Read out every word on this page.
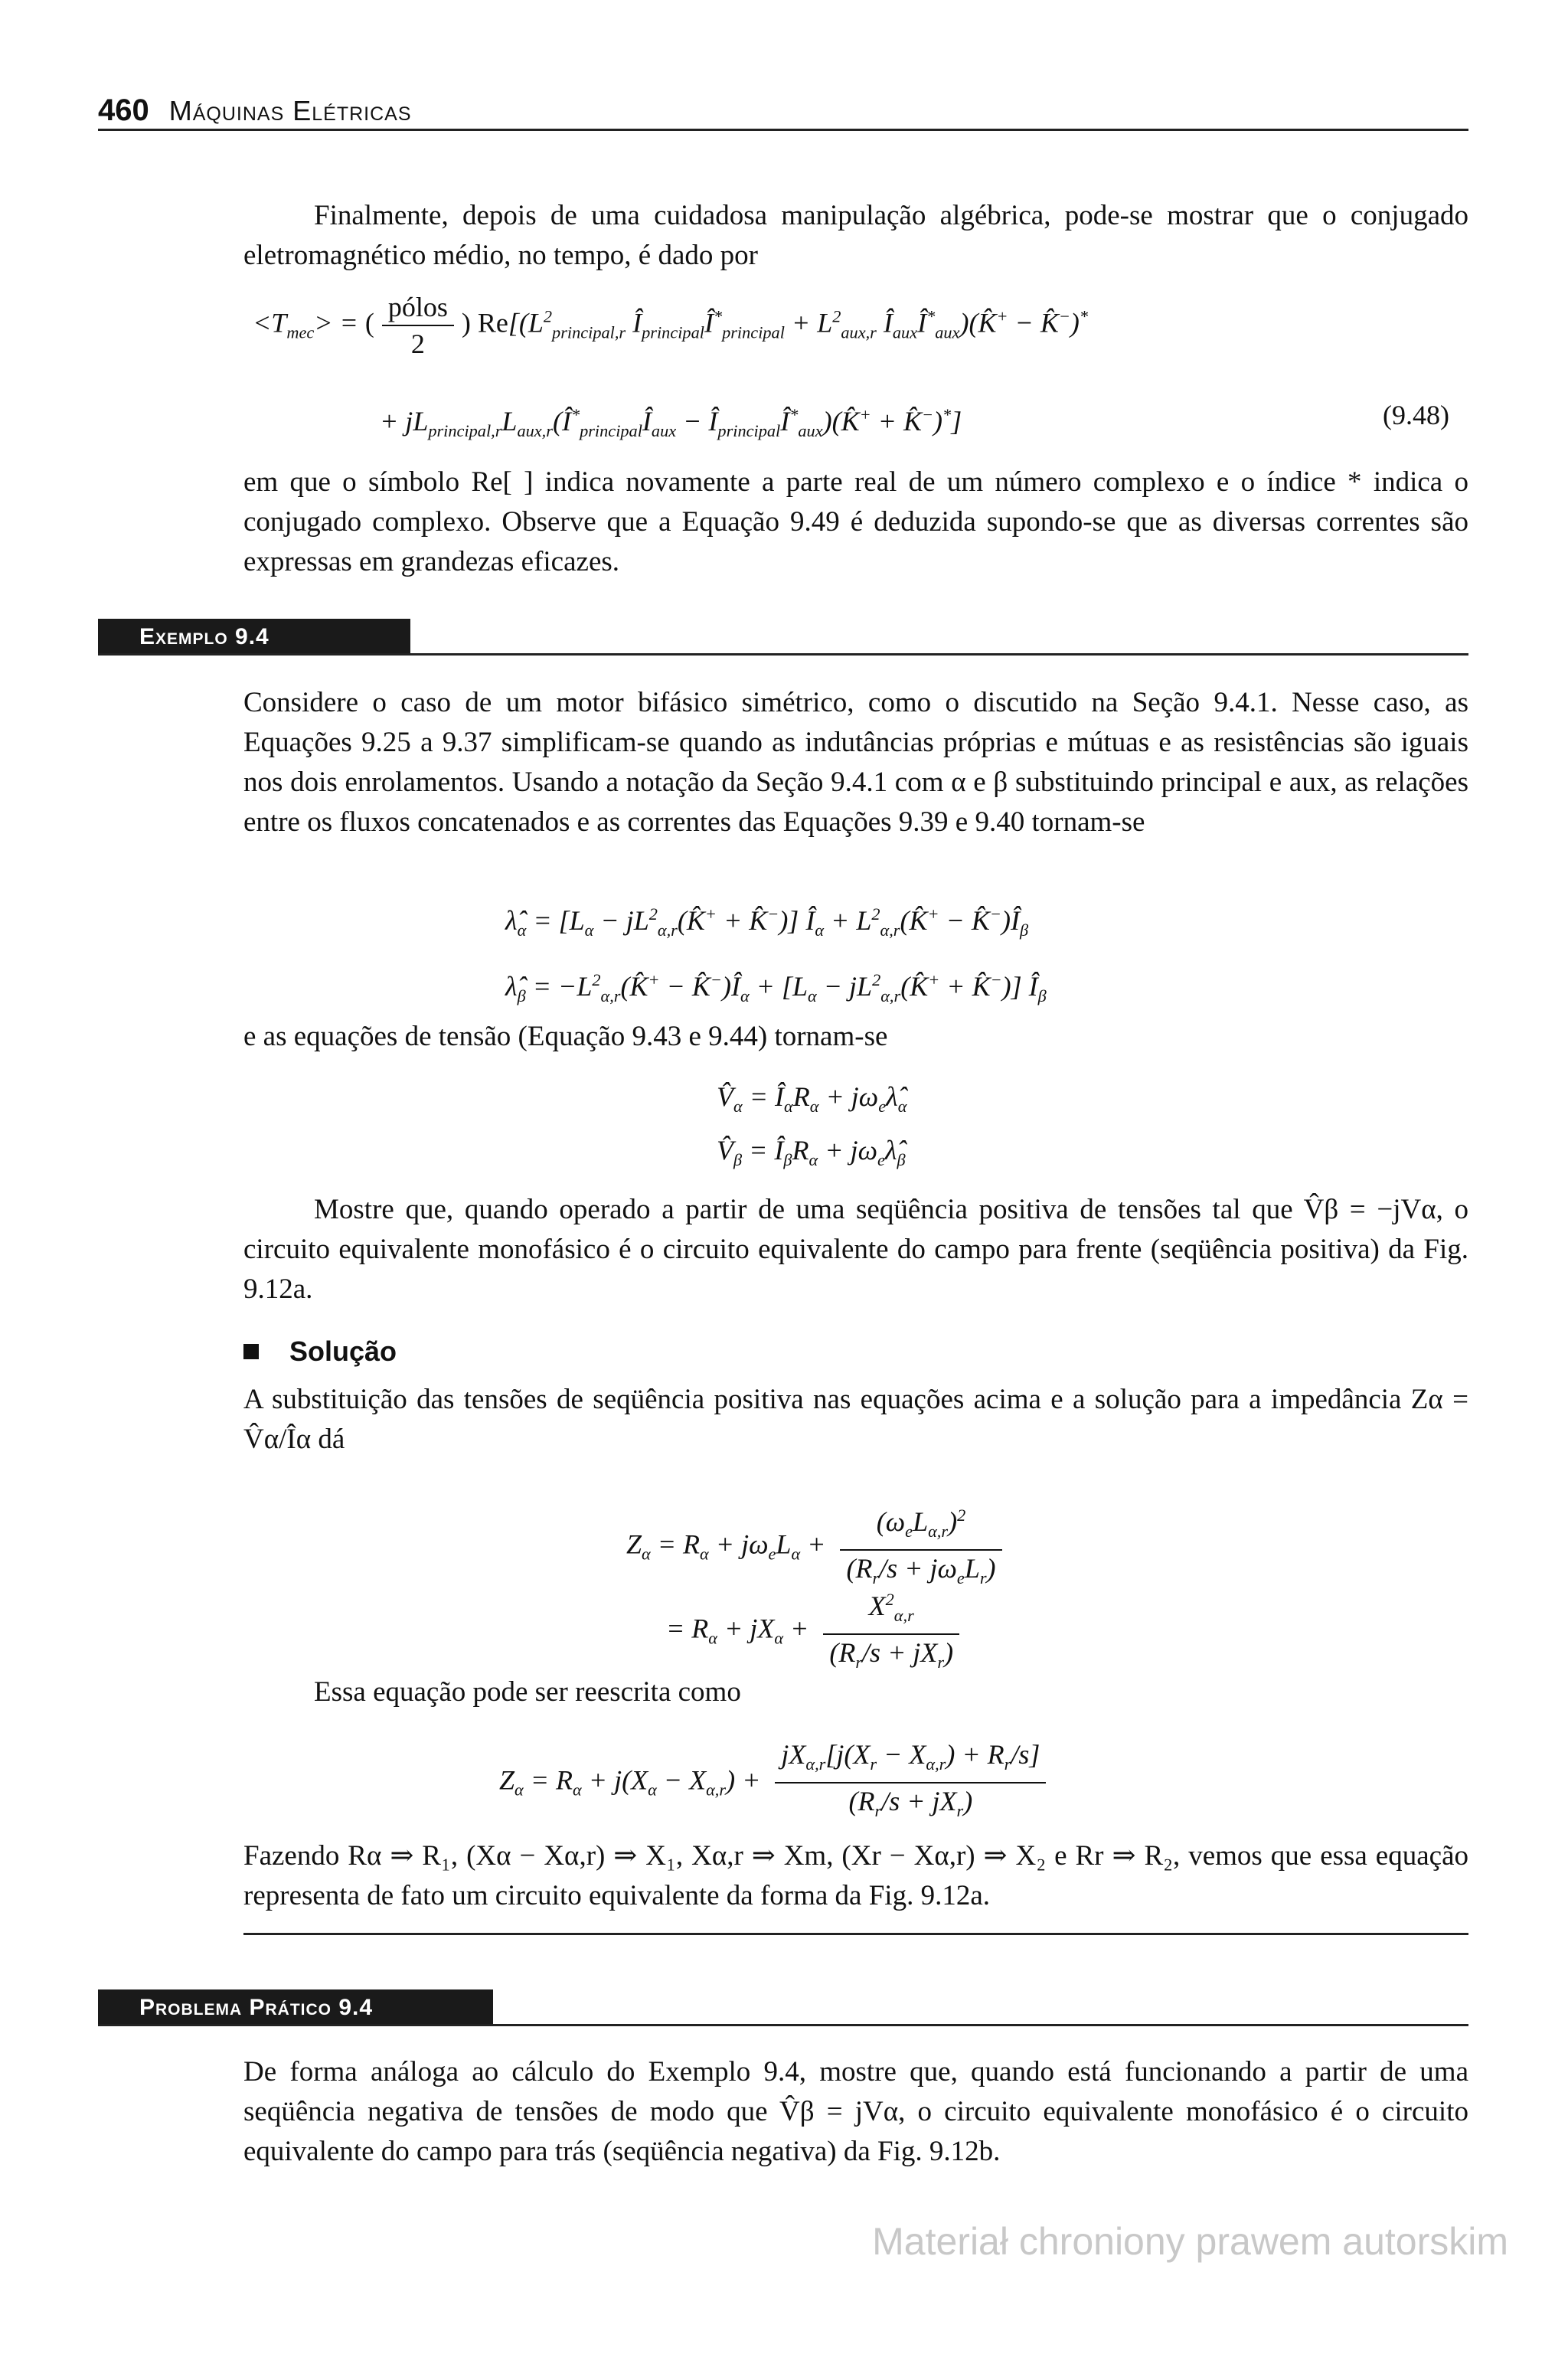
460 Máquinas Elétricas
Finalmente, depois de uma cuidadosa manipulação algébrica, pode-se mostrar que o conjugado eletromagnético médio, no tempo, é dado por
$<T_{mec}>$ = ( $\frac{\text{pólos}}{2}$ ) $Re[(L^2_{principal,r}$ $Î_{principal}Î^*_{principal} + L^2_{aux,r}$ $Î_{aux}Î^*_{aux})(K̂^+$ − K̂−)*
+ $jL_{principal,r}L_{aux,r}(Î^*_{principal}Î_{aux}$ − $Î_{principal}Î^*_{aux})(K̂^+$ + K̂−)*]	(9.48)
em que o símbolo Re[ ] indica novamente a parte real de um número complexo e o índice * indica o conjugado complexo. Observe que a Equação 9.49 é deduzida supondo-se que as diversas correntes são expressas em grandezas eficazes.
Exemplo 9.4
Considere o caso de um motor bifásico simétrico, como o discutido na Seção 9.4.1. Nesse caso, as Equações 9.25 a 9.37 simplificam-se quando as indutâncias próprias e mútuas e as resistências são iguais nos dois enrolamentos. Usando a notação da Seção 9.4.1 com α e β substituindo principal e aux, as relações entre os fluxos concatenados e as correntes das Equações 9.39 e 9.40 tornam-se
$\lambdâ_\alpha = [L_\alpha$ − $jL^2_{\alpha,r}(K̂^+$ + K̂−)] $Î_\alpha$ + $L^2_{\alpha,r}(K̂^+$ − $K̂^-)Î_\beta$
$\lambdâ_\beta$ = $-L^2_{\alpha,r}(K̂^+$ − $K̂^-)Î_\alpha + [L_\alpha$ − $jL^2_{\alpha,r}(K̂^+$ + K̂−)] $Î_\beta$
e as equações de tensão (Equação 9.43 e 9.44) tornam-se
$V̂_\alpha$ = $Î_\alpha R_\alpha$ + $j\omega_e\lambdâ_\alpha$
$V̂_\beta$ = $Î_\beta R_\alpha$ + $j\omega_e\lambdâ_\beta$
Mostre que, quando operado a partir de uma seqüência positiva de tensões tal que V̂β = −jVα, o circuito equivalente monofásico é o circuito equivalente do campo para frente (seqüência positiva) da Fig. 9.12a.
Solução
A substituição das tensões de seqüência positiva nas equações acima e a solução para a impedância Zα = V̂α/Îα dá
$Z_\alpha = R_\alpha + j\omega_eL_\alpha + \frac{(\omega_eL_{\alpha,r})^2}{(R_r/s + j\omega_eL_r)}$
= $R_\alpha + jX_\alpha + \frac{X^2_{\alpha,r}}{(R_r/s + jX_r)}$
Essa equação pode ser reescrita como
$Z_\alpha = R_\alpha + j(X_\alpha - X_{\alpha,r}) + \frac{jX_{\alpha,r}[j(X_r - X_{\alpha,r}) + R_r/s]}{(R_r/s + jX_r)}$
Fazendo Rα ⇒ R₁, (Xα − Xα,r) ⇒ X₁, Xα,r ⇒ Xm, (Xr − Xα,r) ⇒ X₂ e Rr ⇒ R₂, vemos que essa equação representa de fato um circuito equivalente da forma da Fig. 9.12a.
Problema Prático 9.4
De forma análoga ao cálculo do Exemplo 9.4, mostre que, quando está funcionando a partir de uma seqüência negativa de tensões de modo que V̂β = jVα, o circuito equivalente monofásico é o circuito equivalente do campo para trás (seqüência negativa) da Fig. 9.12b.
Materiał chroniony prawem autorskim
